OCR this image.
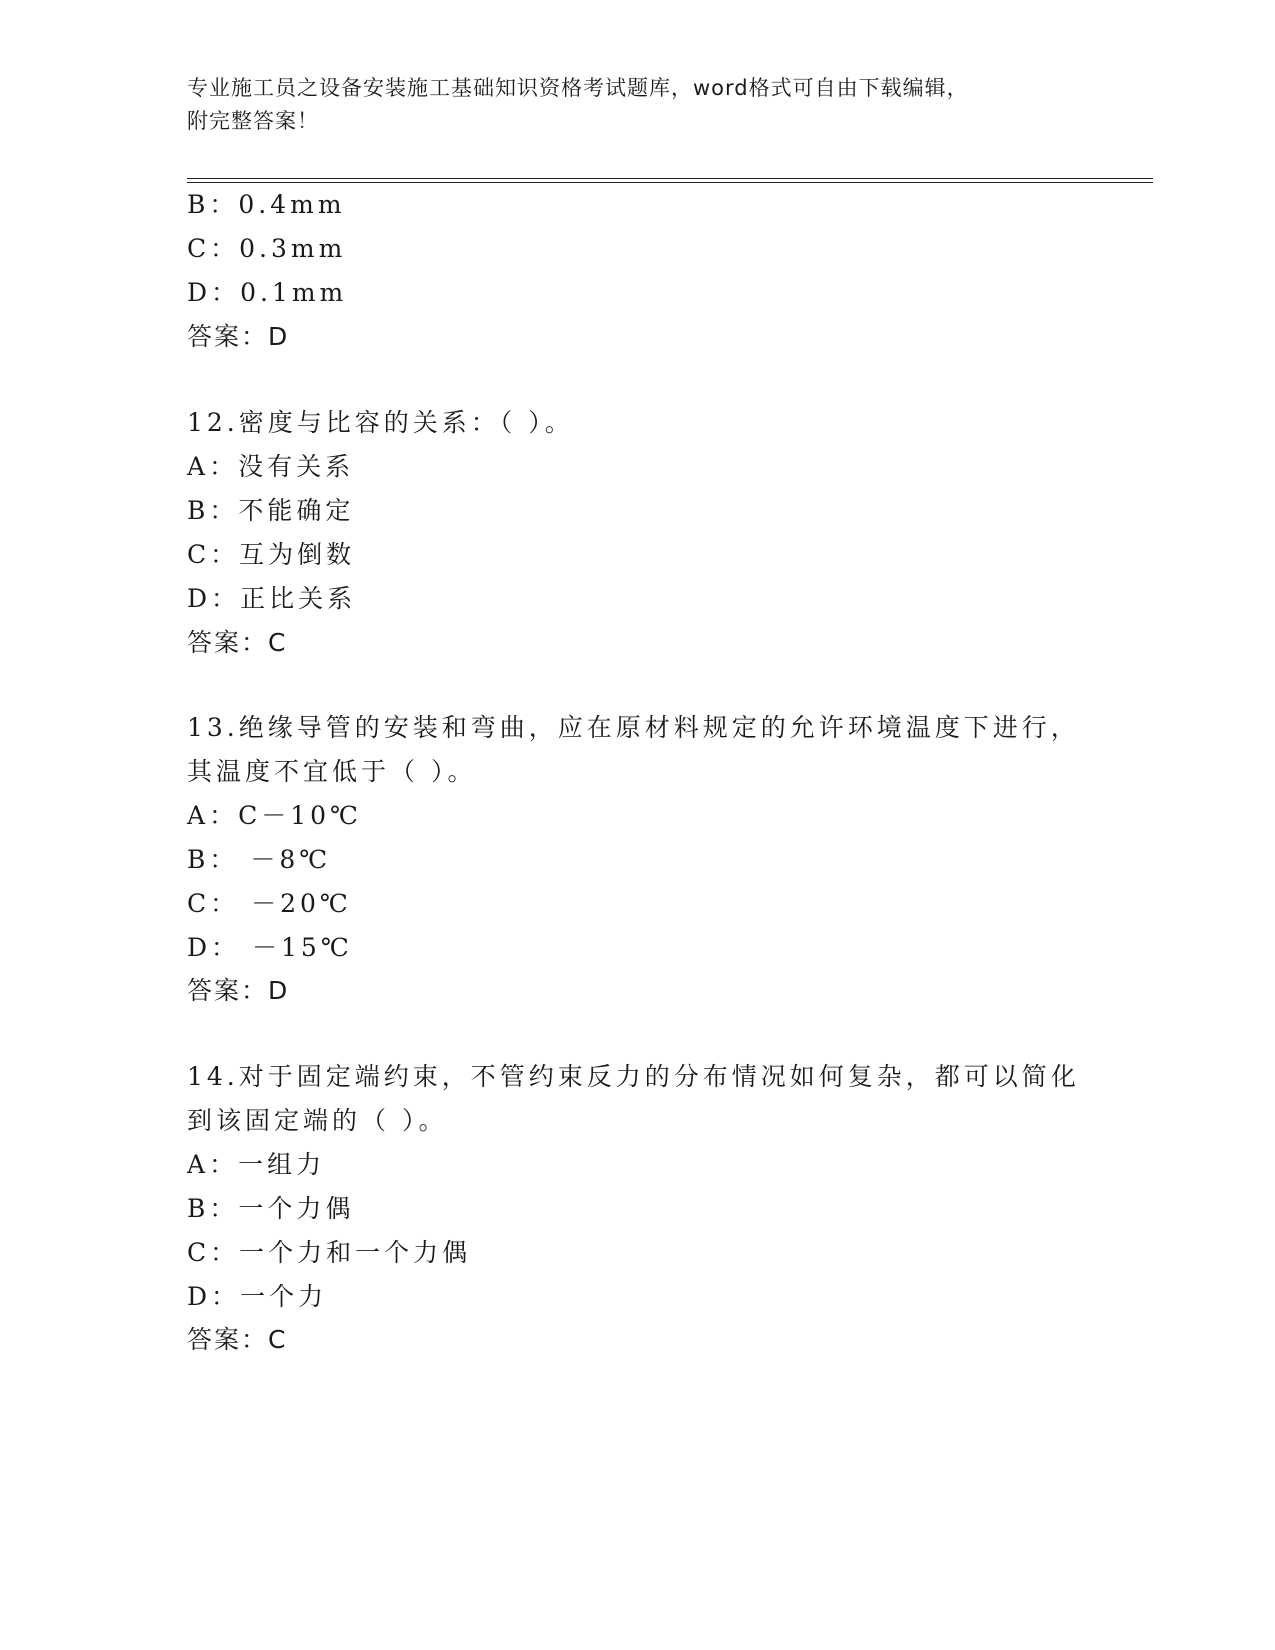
专业施工员之设备安装施工基础知识资格考试题库，word格式可自由下载编辑，
附完整答案！
B：0.4mm
C：0.3mm
D：0.1mm
答案：D
12.密度与比容的关系：（ ）。
A：没有关系
B：不能确定
C：互为倒数
D：正比关系
答案：C
13.绝缘导管的安装和弯曲，应在原材料规定的允许环境温度下进行，
其温度不宜低于（ ）。
A：C－10℃
B： －8℃
C： －20℃
D： －15℃
答案：D
14.对于固定端约束，不管约束反力的分布情况如何复杂，都可以简化
到该固定端的（ ）。
A：一组力
B：一个力偶
C：一个力和一个力偶
D：一个力
答案：C
